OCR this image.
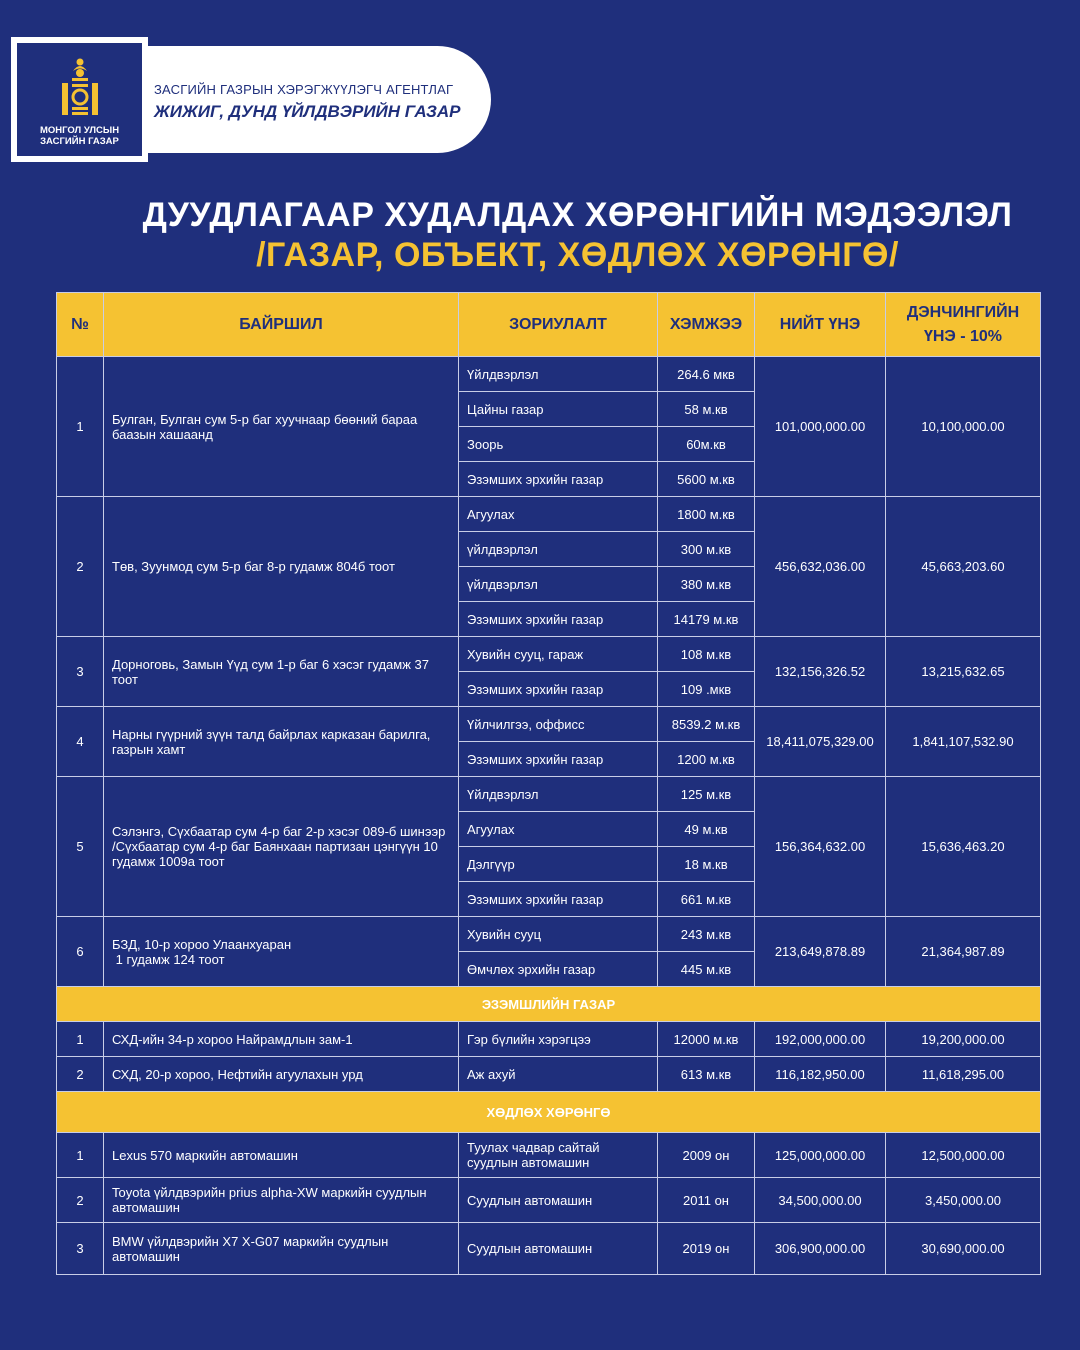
МОНГОЛ УЛСЫН
ЗАСГИЙН ГАЗАР
ЗАСГИЙН ГАЗРЫН ХЭРЭГЖҮҮЛЭГЧ АГЕНТЛАГ
ЖИЖИГ, ДУНД ҮЙЛДВЭРИЙН ГАЗАР
ДУУДЛАГААР ХУДАЛДАХ ХӨРӨНГИЙН МЭДЭЭЛЭЛ
/ГАЗАР, ОБЪЕКТ, ХӨДЛӨХ ХӨРӨНГӨ/
№	БАЙРШИЛ	ЗОРИУЛАЛТ	ХЭМЖЭЭ	НИЙТ ҮНЭ	ДЭНЧИНГИЙН
ҮНЭ - 10%

1	Булган, Булган сум 5-р баг хуучнаар бөөний бараа баазын хашаанд	Үйлдвэрлэл	264.6 мкв	101,000,000.00	10,100,000.00
		Цайны газар	58 м.кв		
		Зоорь	60м.кв		
		Эзэмших эрхийн газар	5600 м.кв		
2	Төв, Зуунмод сум 5-р баг 8-р гудамж 804б тоот	Агуулах	1800 м.кв	456,632,036.00	45,663,203.60
		үйлдвэрлэл	300 м.кв		
		үйлдвэрлэл	380 м.кв		
		Эзэмших эрхийн газар	14179 м.кв		
3	Дорноговь, Замын Үүд сум 1-р баг 6 хэсэг гудамж 37 тоот	Хувийн сууц, гараж	108 м.кв	132,156,326.52	13,215,632.65
		Эзэмших эрхийн газар	109 .мкв		
4	Нарны гүүрний зүүн талд байрлах карказан барилга, газрын хамт	Үйлчилгээ, оффисс	8539.2 м.кв	18,411,075,329.00	1,841,107,532.90
		Эзэмших эрхийн газар	1200 м.кв		
5	Сэлэнгэ, Сүхбаатар сум 4-р баг 2-р хэсэг 089-б шинээр /Сүхбаатар сум 4-р баг Баянхаан партизан цэнгүүн 10 гудамж 1009а тоот	Үйлдвэрлэл	125 м.кв	156,364,632.00	15,636,463.20
		Агуулах	49 м.кв		
		Дэлгүүр	18 м.кв		
		Эзэмших эрхийн газар	661 м.кв		
6	БЗД, 10-р хороо Улаанхуаран
1 гудамж 124 тоот	Хувийн сууц	243 м.кв	213,649,878.89	21,364,987.89
		Өмчлөх эрхийн газар	445 м.кв		
ЭЗЭМШЛИЙН ГАЗАР					
1	СХД-ийн 34-р хороо Найрамдлын зам-1	Гэр бүлийн хэрэгцээ	12000 м.кв	192,000,000.00	19,200,000.00
2	СХД, 20-р хороо, Нефтийн агуулахын урд	Аж ахуй	613 м.кв	116,182,950.00	11,618,295.00
ХӨДЛӨХ ХӨРӨНГӨ					
1	Lexus 570 маркийн автомашин	Туулах чадвар сайтай суудлын автомашин	2009 он	125,000,000.00	12,500,000.00
2	Toyota үйлдвэрийн prius alpha-XW маркийн суудлын автомашин	Суудлын автомашин	2011 он	34,500,000.00	3,450,000.00
3	BMW үйлдвэрийн X7 X-G07 маркийн суудлын автомашин	Суудлын автомашин	2019 он	306,900,000.00	30,690,000.00
